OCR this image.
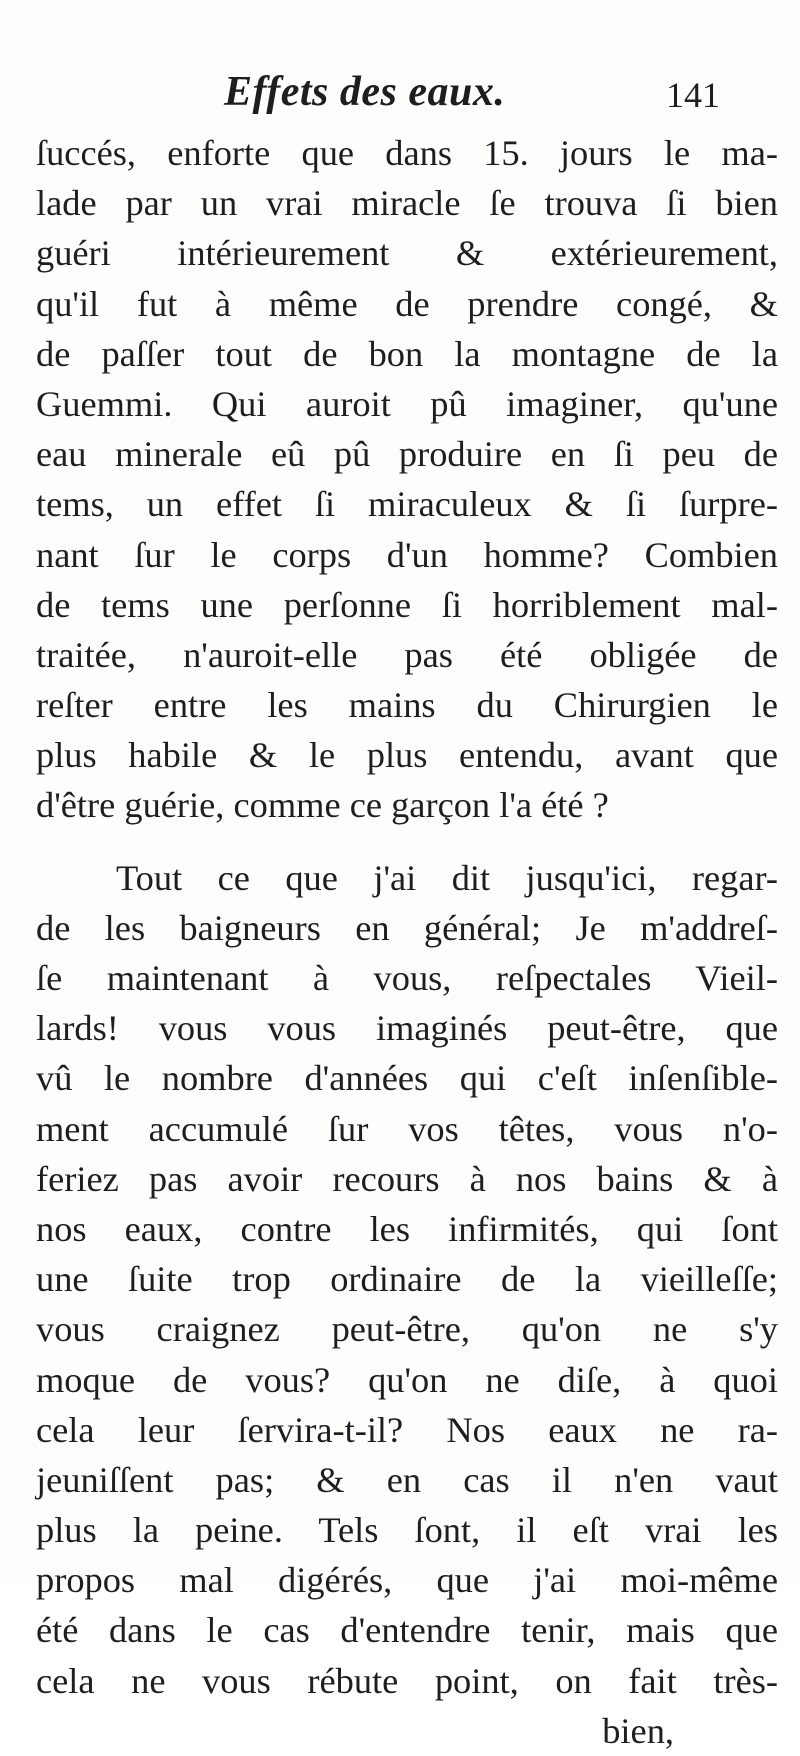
Effets des eaux.	141
ſuccés, enforte que dans 15. jours le ma-
lade par un vrai miracle ſe trouva ſi bien
guéri intérieurement & extérieurement,
qu'il fut à même de prendre congé, &
de paſſer tout de bon la montagne de la
Guemmi. Qui auroit pû imaginer, qu'une
eau minerale eû pû produire en ſi peu de
tems, un effet ſi miraculeux & ſi ſurpre-
nant ſur le corps d'un homme? Combien
de tems une perſonne ſi horriblement mal-
traitée, n'auroit-elle pas été obligée de
reſter entre les mains du Chirurgien le
plus habile & le plus entendu, avant que
d'être guérie, comme ce garçon l'a été ?
Tout ce que j'ai dit jusqu'ici, regar-
de les baigneurs en général; Je m'addreſ-
ſe maintenant à vous, reſpectales Vieil-
lards! vous vous imaginés peut-être, que
vû le nombre d'années qui c'eſt inſenſible-
ment accumulé ſur vos têtes, vous n'o-
feriez pas avoir recours à nos bains & à
nos eaux, contre les infirmités, qui ſont
une ſuite trop ordinaire de la vieilleſſe;
vous craignez peut-être, qu'on ne s'y
moque de vous? qu'on ne diſe, à quoi
cela leur ſervira-t-il? Nos eaux ne ra-
jeuniſſent pas; & en cas il n'en vaut
plus la peine. Tels ſont, il eſt vrai les
propos mal digérés, que j'ai moi-même
été dans le cas d'entendre tenir, mais que
cela ne vous rébute point, on fait très-
bien,
